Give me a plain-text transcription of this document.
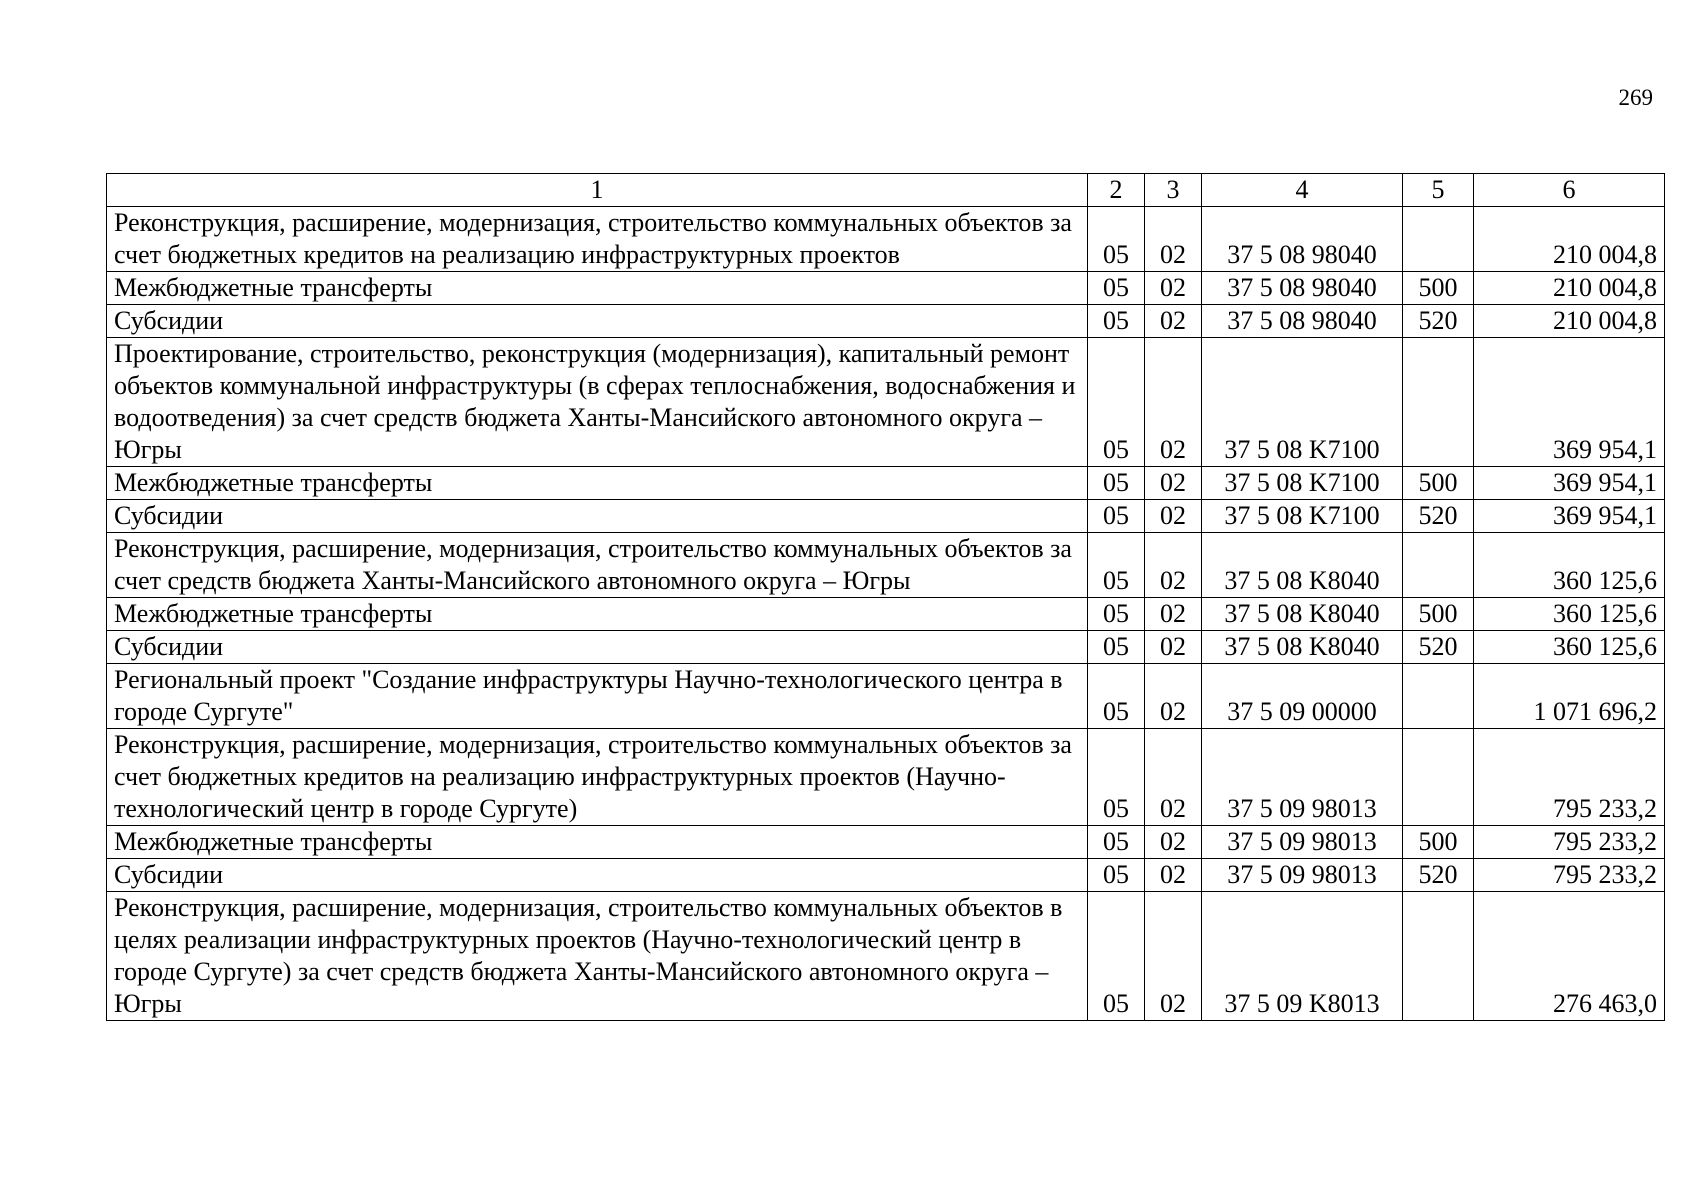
269
1	2	3	4	5	6
Реконструкция, расширение, модернизация, строительство коммунальных объектов за счет бюджетных кредитов на реализацию инфраструктурных проектов	05	02	37 5 08 98040		210 004,8
Межбюджетные трансферты	05	02	37 5 08 98040	500	210 004,8
Субсидии	05	02	37 5 08 98040	520	210 004,8
Проектирование, строительство, реконструкция (модернизация), капитальный ремонт объектов коммунальной инфраструктуры (в сферах теплоснабжения, водоснабжения и водоотведения) за счет средств бюджета Ханты-Мансийского автономного округа – Югры	05	02	37 5 08 K7100		369 954,1
Межбюджетные трансферты	05	02	37 5 08 K7100	500	369 954,1
Субсидии	05	02	37 5 08 K7100	520	369 954,1
Реконструкция, расширение, модернизация, строительство коммунальных объектов за счет средств бюджета Ханты-Мансийского автономного округа – Югры	05	02	37 5 08 K8040		360 125,6
Межбюджетные трансферты	05	02	37 5 08 K8040	500	360 125,6
Субсидии	05	02	37 5 08 K8040	520	360 125,6
Региональный проект "Создание инфраструктуры Научно-технологического центра в городе Сургуте"	05	02	37 5 09 00000		1 071 696,2
Реконструкция, расширение, модернизация, строительство коммунальных объектов за счет бюджетных кредитов на реализацию инфраструктурных проектов (Научно-технологический центр в городе Сургуте)	05	02	37 5 09 98013		795 233,2
Межбюджетные трансферты	05	02	37 5 09 98013	500	795 233,2
Субсидии	05	02	37 5 09 98013	520	795 233,2
Реконструкция, расширение, модернизация, строительство коммунальных объектов в целях реализации инфраструктурных проектов (Научно-технологический центр в городе Сургуте) за счет средств бюджета Ханты-Мансийского автономного округа – Югры	05	02	37 5 09 K8013		276 463,0
